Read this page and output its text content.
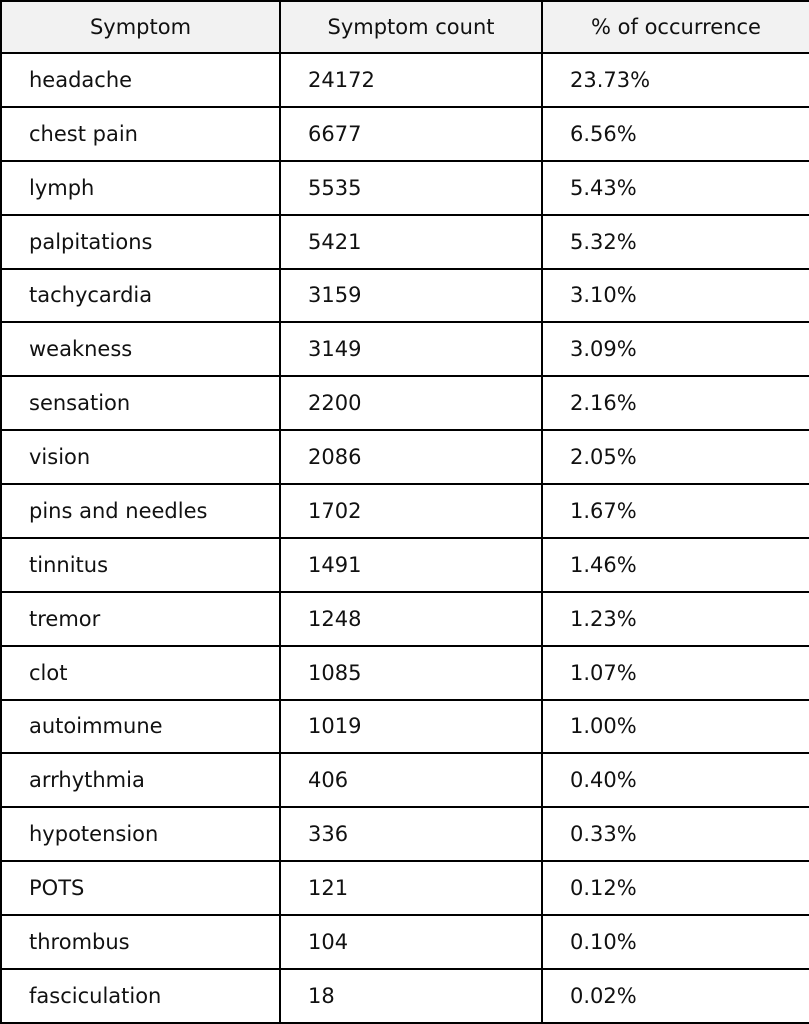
Symptom	Symptom count	% of occurrence
headache	24172	23.73%
chest pain	6677	6.56%
lymph	5535	5.43%
palpitations	5421	5.32%
tachycardia	3159	3.10%
weakness	3149	3.09%
sensation	2200	2.16%
vision	2086	2.05%
pins and needles	1702	1.67%
tinnitus	1491	1.46%
tremor	1248	1.23%
clot	1085	1.07%
autoimmune	1019	1.00%
arrhythmia	406	0.40%
hypotension	336	0.33%
POTS	121	0.12%
thrombus	104	0.10%
fasciculation	18	0.02%
